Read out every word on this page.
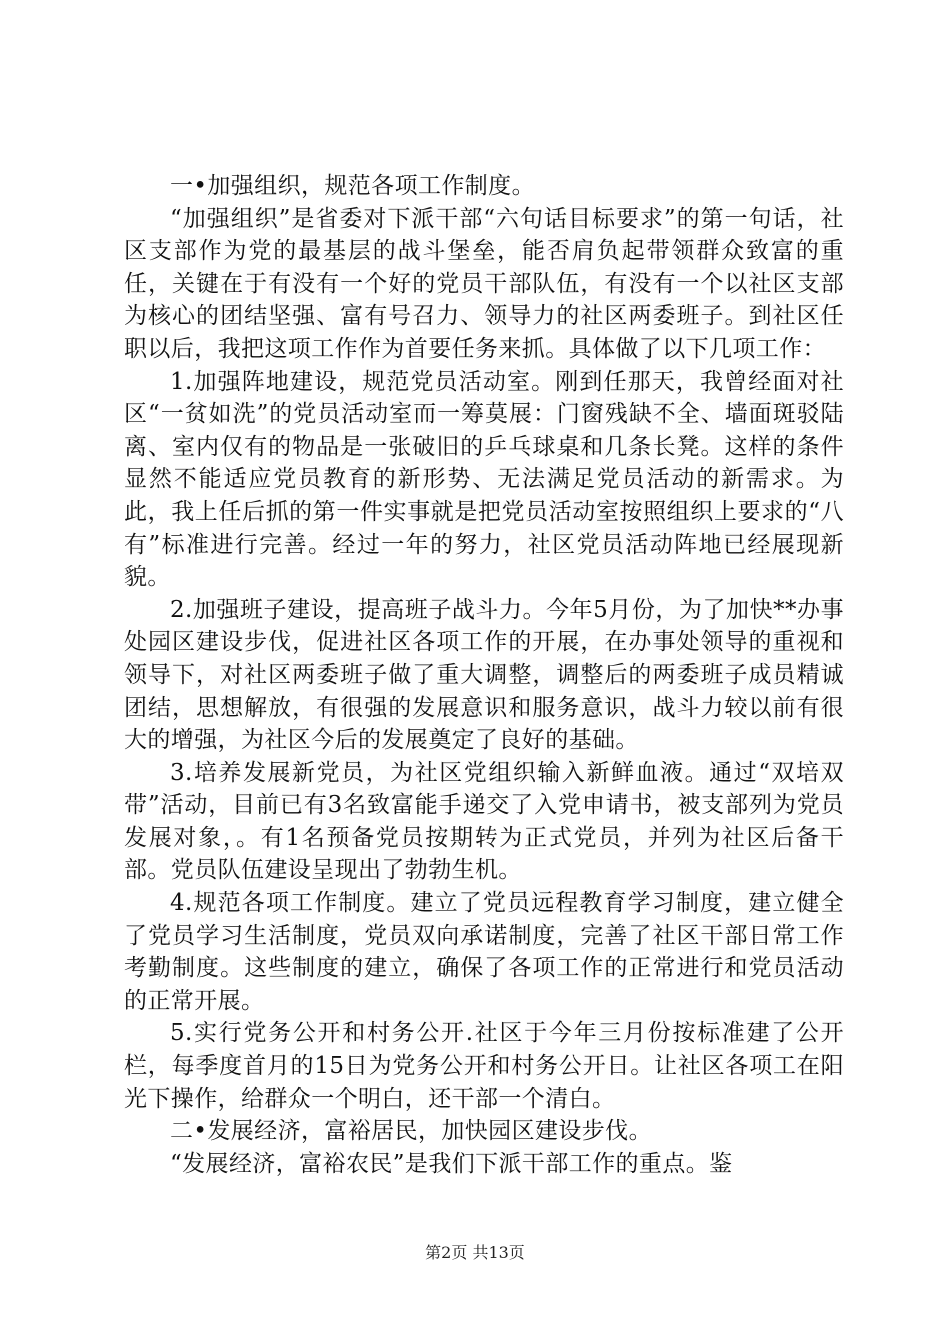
一•加强组织，规范各项工作制度。

“加强组织”是省委对下派干部“六句话目标要求”的第一句话，社区支部作为党的最基层的战斗堡垒，能否肩负起带领群众致富的重任，关键在于有没有一个好的党员干部队伍，有没有一个以社区支部为核心的团结坚强、富有号召力、领导力的社区两委班子。到社区任职以后，我把这项工作作为首要任务来抓。具体做了以下几项工作：

1.加强阵地建设，规范党员活动室。刚到任那天，我曾经面对社区“一贫如洗”的党员活动室而一筹莫展：门窗残缺不全、墙面斑驳陆离、室内仅有的物品是一张破旧的乒乓球桌和几条长凳。这样的条件显然不能适应党员教育的新形势、无法满足党员活动的新需求。为此，我上任后抓的第一件实事就是把党员活动室按照组织上要求的“八有”标准进行完善。经过一年的努力，社区党员活动阵地已经展现新貌。

2.加强班子建设，提高班子战斗力。今年5月份，为了加快**办事处园区建设步伐，促进社区各项工作的开展，在办事处领导的重视和领导下，对社区两委班子做了重大调整，调整后的两委班子成员精诚团结，思想解放，有很强的发展意识和服务意识，战斗力较以前有很大的增强，为社区今后的发展奠定了良好的基础。

3.培养发展新党员，为社区党组织输入新鲜血液。通过“双培双带”活动，目前已有3名致富能手递交了入党申请书，被支部列为党员发展对象，。有1名预备党员按期转为正式党员，并列为社区后备干部。党员队伍建设呈现出了勃勃生机。

4.规范各项工作制度。建立了党员远程教育学习制度，建立健全了党员学习生活制度，党员双向承诺制度，完善了社区干部日常工作考勤制度。这些制度的建立，确保了各项工作的正常进行和党员活动的正常开展。

5.实行党务公开和村务公开.社区于今年三月份按标准建了公开栏，每季度首月的15日为党务公开和村务公开日。让社区各项工在阳光下操作，给群众一个明白，还干部一个清白。

二•发展经济，富裕居民，加快园区建设步伐。

“发展经济，富裕农民”是我们下派干部工作的重点。鉴

第2页 共13页
